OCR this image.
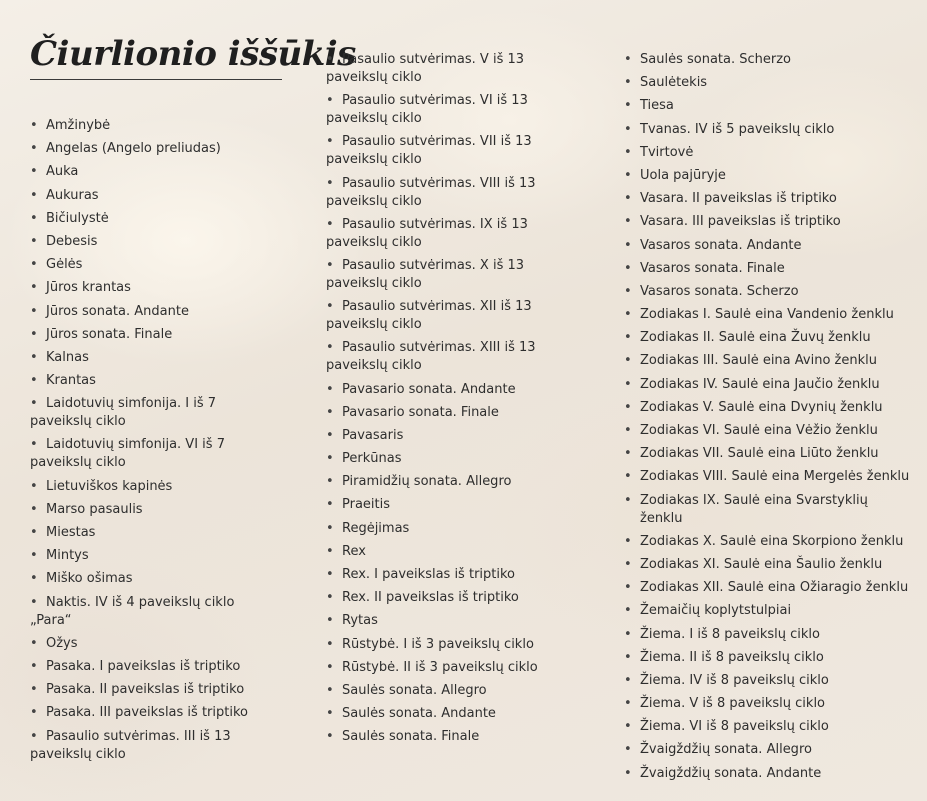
Čiurlionio iššūkis
• Amžinybė
• Angelas (Angelo preliudas)
• Auka
• Aukuras
• Bičiulystė
• Debesis
• Gėlės
• Jūros krantas
• Jūros sonata. Andante
• Jūros sonata. Finale
• Kalnas
• Krantas
• Laidotuvių simfonija. I iš 7 paveikslų ciklo
• Laidotuvių simfonija. VI iš 7 paveikslų ciklo
• Lietuviškos kapinės
• Marso pasaulis
• Miestas
• Mintys
• Miško ošimas
• Naktis. IV iš 4 paveikslų ciklo „Para“
• Ožys
• Pasaka. I paveikslas iš triptiko
• Pasaka. II paveikslas iš triptiko
• Pasaka. III paveikslas iš triptiko
• Pasaulio sutvėrimas. III iš 13 paveikslų ciklo
• Pasaulio sutvėrimas. V iš 13 paveikslų ciklo
• Pasaulio sutvėrimas. VI iš 13 paveikslų ciklo
• Pasaulio sutvėrimas. VII iš 13 paveikslų ciklo
• Pasaulio sutvėrimas. VIII iš 13 paveikslų ciklo
• Pasaulio sutvėrimas. IX iš 13 paveikslų ciklo
• Pasaulio sutvėrimas. X iš 13 paveikslų ciklo
• Pasaulio sutvėrimas. XII iš 13 paveikslų ciklo
• Pasaulio sutvėrimas. XIII iš 13 paveikslų ciklo
• Pavasario sonata. Andante
• Pavasario sonata. Finale
• Pavasaris
• Perkūnas
• Piramidžių sonata. Allegro
• Praeitis
• Regėjimas
• Rex
• Rex. I paveikslas iš triptiko
• Rex. II paveikslas iš triptiko
• Rytas
• Rūstybė. I iš 3 paveikslų ciklo
• Rūstybė. II iš 3 paveikslų ciklo
• Saulės sonata. Allegro
• Saulės sonata. Andante
• Saulės sonata. Finale
• Saulės sonata. Scherzo
• Saulėtekis
• Tiesa
• Tvanas. IV iš 5 paveikslų ciklo
• Tvirtovė
• Uola pajūryje
• Vasara. II paveikslas iš triptiko
• Vasara. III paveikslas iš triptiko
• Vasaros sonata. Andante
• Vasaros sonata. Finale
• Vasaros sonata. Scherzo
• Zodiakas I. Saulė eina Vandenio ženklu
• Zodiakas II. Saulė eina Žuvų ženklu
• Zodiakas III. Saulė eina Avino ženklu
• Zodiakas IV. Saulė eina Jaučio ženklu
• Zodiakas V. Saulė eina Dvynių ženklu
• Zodiakas VI. Saulė eina Vėžio ženklu
• Zodiakas VII. Saulė eina Liūto ženklu
• Zodiakas VIII. Saulė eina Mergelės ženklu
• Zodiakas IX. Saulė eina Svarstyklių ženklu
• Zodiakas X. Saulė eina Skorpiono ženklu
• Zodiakas XI. Saulė eina Šaulio ženklu
• Zodiakas XII. Saulė eina Ožiaragio ženklu
• Žemaičių koplytstulpiai
• Žiema. I iš 8 paveikslų ciklo
• Žiema. II iš 8 paveikslų ciklo
• Žiema. IV iš 8 paveikslų ciklo
• Žiema. V iš 8 paveikslų ciklo
• Žiema. VI iš 8 paveikslų ciklo
• Žvaigždžių sonata. Allegro
• Žvaigždžių sonata. Andante
